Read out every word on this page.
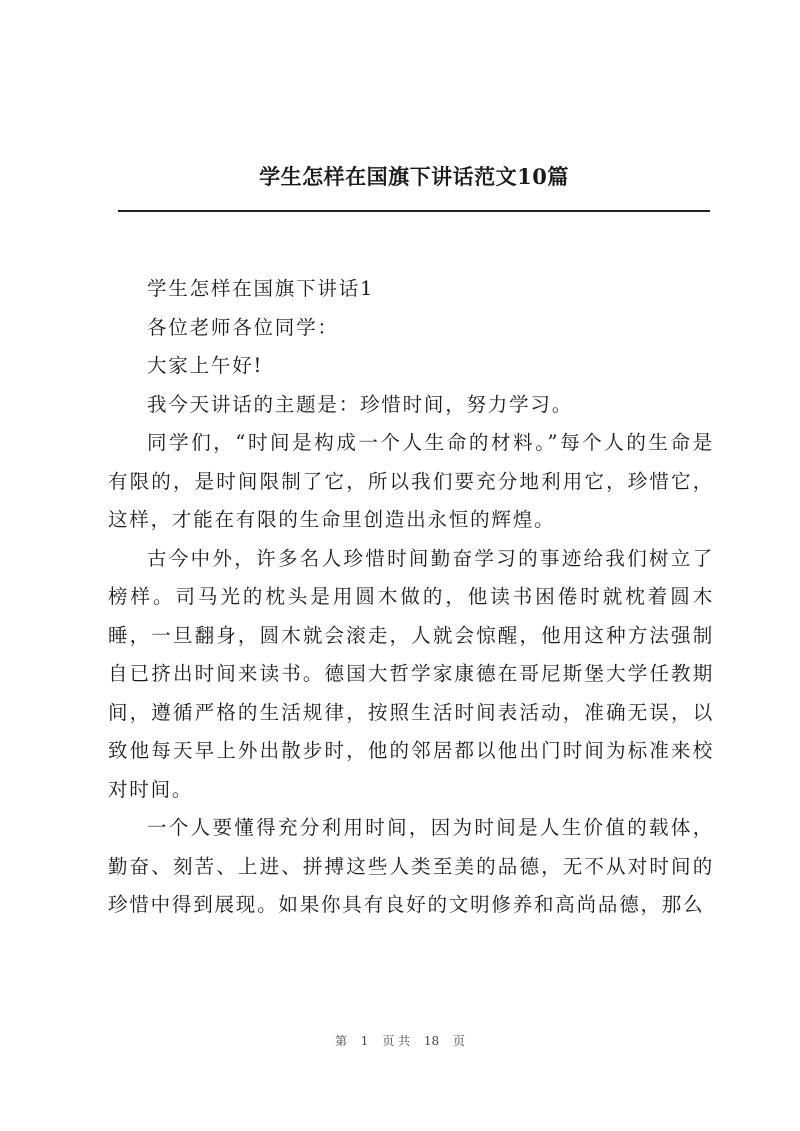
学生怎样在国旗下讲话范文10篇

学生怎样在国旗下讲话1

各位老师各位同学：

大家上午好!

我今天讲话的主题是：珍惜时间，努力学习。

同学们，“时间是构成一个人生命的材料。”每个人的生命是有限的，是时间限制了它，所以我们要充分地利用它，珍惜它，这样，才能在有限的生命里创造出永恒的辉煌。

古今中外，许多名人珍惜时间勤奋学习的事迹给我们树立了榜样。司马光的枕头是用圆木做的，他读书困倦时就枕着圆木睡，一旦翻身，圆木就会滚走，人就会惊醒，他用这种方法强制自已挤出时间来读书。德国大哲学家康德在哥尼斯堡大学任教期间，遵循严格的生活规律，按照生活时间表活动，准确无误，以致他每天早上外出散步时，他的邻居都以他出门时间为标准来校对时间。

一个人要懂得充分利用时间，因为时间是人生价值的载体，勤奋、刻苦、上进、拼搏这些人类至美的品德，无不从对时间的珍惜中得到展现。如果你具有良好的文明修养和高尚品德，那么

第 1 页 共 18 页
